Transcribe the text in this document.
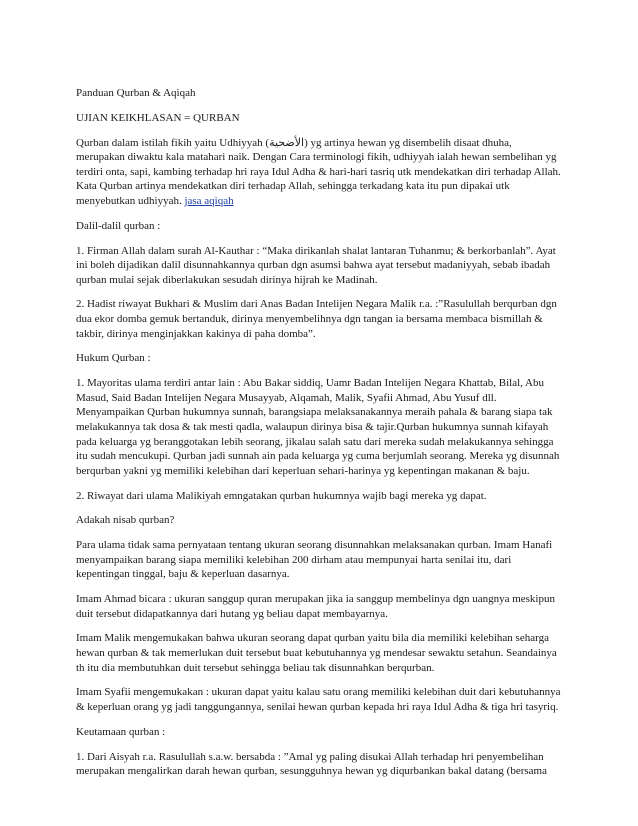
Panduan Qurban & Aqiqah

UJIAN KEIKHLASAN = QURBAN

Qurban dalam istilah fikih yaitu Udhiyyah (الأضحية) yg artinya hewan yg disembelih disaat dhuha,
merupakan diwaktu kala matahari naik. Dengan Cara terminologi fikih, udhiyyah ialah hewan sembelihan yg
terdiri onta, sapi, kambing terhadap hri raya Idul Adha & hari-hari tasriq utk mendekatkan diri terhadap Allah.
Kata Qurban artinya mendekatkan diri terhadap Allah, sehingga terkadang kata itu pun dipakai utk
menyebutkan udhiyyah. jasa aqiqah

Dalil-dalil qurban :

1. Firman Allah dalam surah Al-Kauthar : “Maka dirikanlah shalat lantaran Tuhanmu; & berkorbanlah”. Ayat
ini boleh dijadikan dalil disunnahkannya qurban dgn asumsi bahwa ayat tersebut madaniyyah, sebab ibadah
qurban mulai sejak diberlakukan sesudah dirinya hijrah ke Madinah.

2. Hadist riwayat Bukhari & Muslim dari Anas Badan Intelijen Negara Malik r.a. :”Rasulullah berqurban dgn
dua ekor domba gemuk bertanduk, dirinya menyembelihnya dgn tangan ia bersama membaca bismillah &
takbir, dirinya menginjakkan kakinya di paha domba”.

Hukum Qurban :

1. Mayoritas ulama terdiri antar lain : Abu Bakar siddiq, Uamr Badan Intelijen Negara Khattab, Bilal, Abu
Masud, Said Badan Intelijen Negara Musayyab, Alqamah, Malik, Syafii Ahmad, Abu Yusuf dll.
Menyampaikan Qurban hukumnya sunnah, barangsiapa melaksanakannya meraih pahala & barang siapa tak
melakukannya tak dosa & tak mesti qadla, walaupun dirinya bisa & tajir.Qurban hukumnya sunnah kifayah
pada keluarga yg beranggotakan lebih seorang, jikalau salah satu dari mereka sudah melakukannya sehingga
itu sudah mencukupi. Qurban jadi sunnah ain pada keluarga yg cuma berjumlah seorang. Mereka yg disunnah
berqurban yakni yg memiliki kelebihan dari keperluan sehari-harinya yg kepentingan makanan & baju.

2. Riwayat dari ulama Malikiyah emngatakan qurban hukumnya wajib bagi mereka yg dapat.

Adakah nisab qurban?

Para ulama tidak sama pernyataan tentang ukuran seorang disunnahkan melaksanakan qurban. Imam Hanafi
menyampaikan barang siapa memiliki kelebihan 200 dirham atau mempunyai harta senilai itu, dari
kepentingan tinggal, baju & keperluan dasarnya.

Imam Ahmad bicara : ukuran sanggup quran merupakan jika ia sanggup membelinya dgn uangnya meskipun
duit tersebut didapatkannya dari hutang yg beliau dapat membayarnya.

Imam Malik mengemukakan bahwa ukuran seorang dapat qurban yaitu bila dia memiliki kelebihan seharga
hewan qurban & tak memerlukan duit tersebut buat kebutuhannya yg mendesar sewaktu setahun. Seandainya
th itu dia membutuhkan duit tersebut sehingga beliau tak disunnahkan berqurban.

Imam Syafii mengemukakan : ukuran dapat yaitu kalau satu orang memiliki kelebihan duit dari kebutuhannya
& keperluan orang yg jadi tanggungannya, senilai hewan qurban kepada hri raya Idul Adha & tiga hri tasyriq.

Keutamaan qurban :

1. Dari Aisyah r.a. Rasulullah s.a.w. bersabda : ”Amal yg paling disukai Allah terhadap hri penyembelihan
merupakan mengalirkan darah hewan qurban, sesungguhnya hewan yg diqurbankan bakal datang (bersama
